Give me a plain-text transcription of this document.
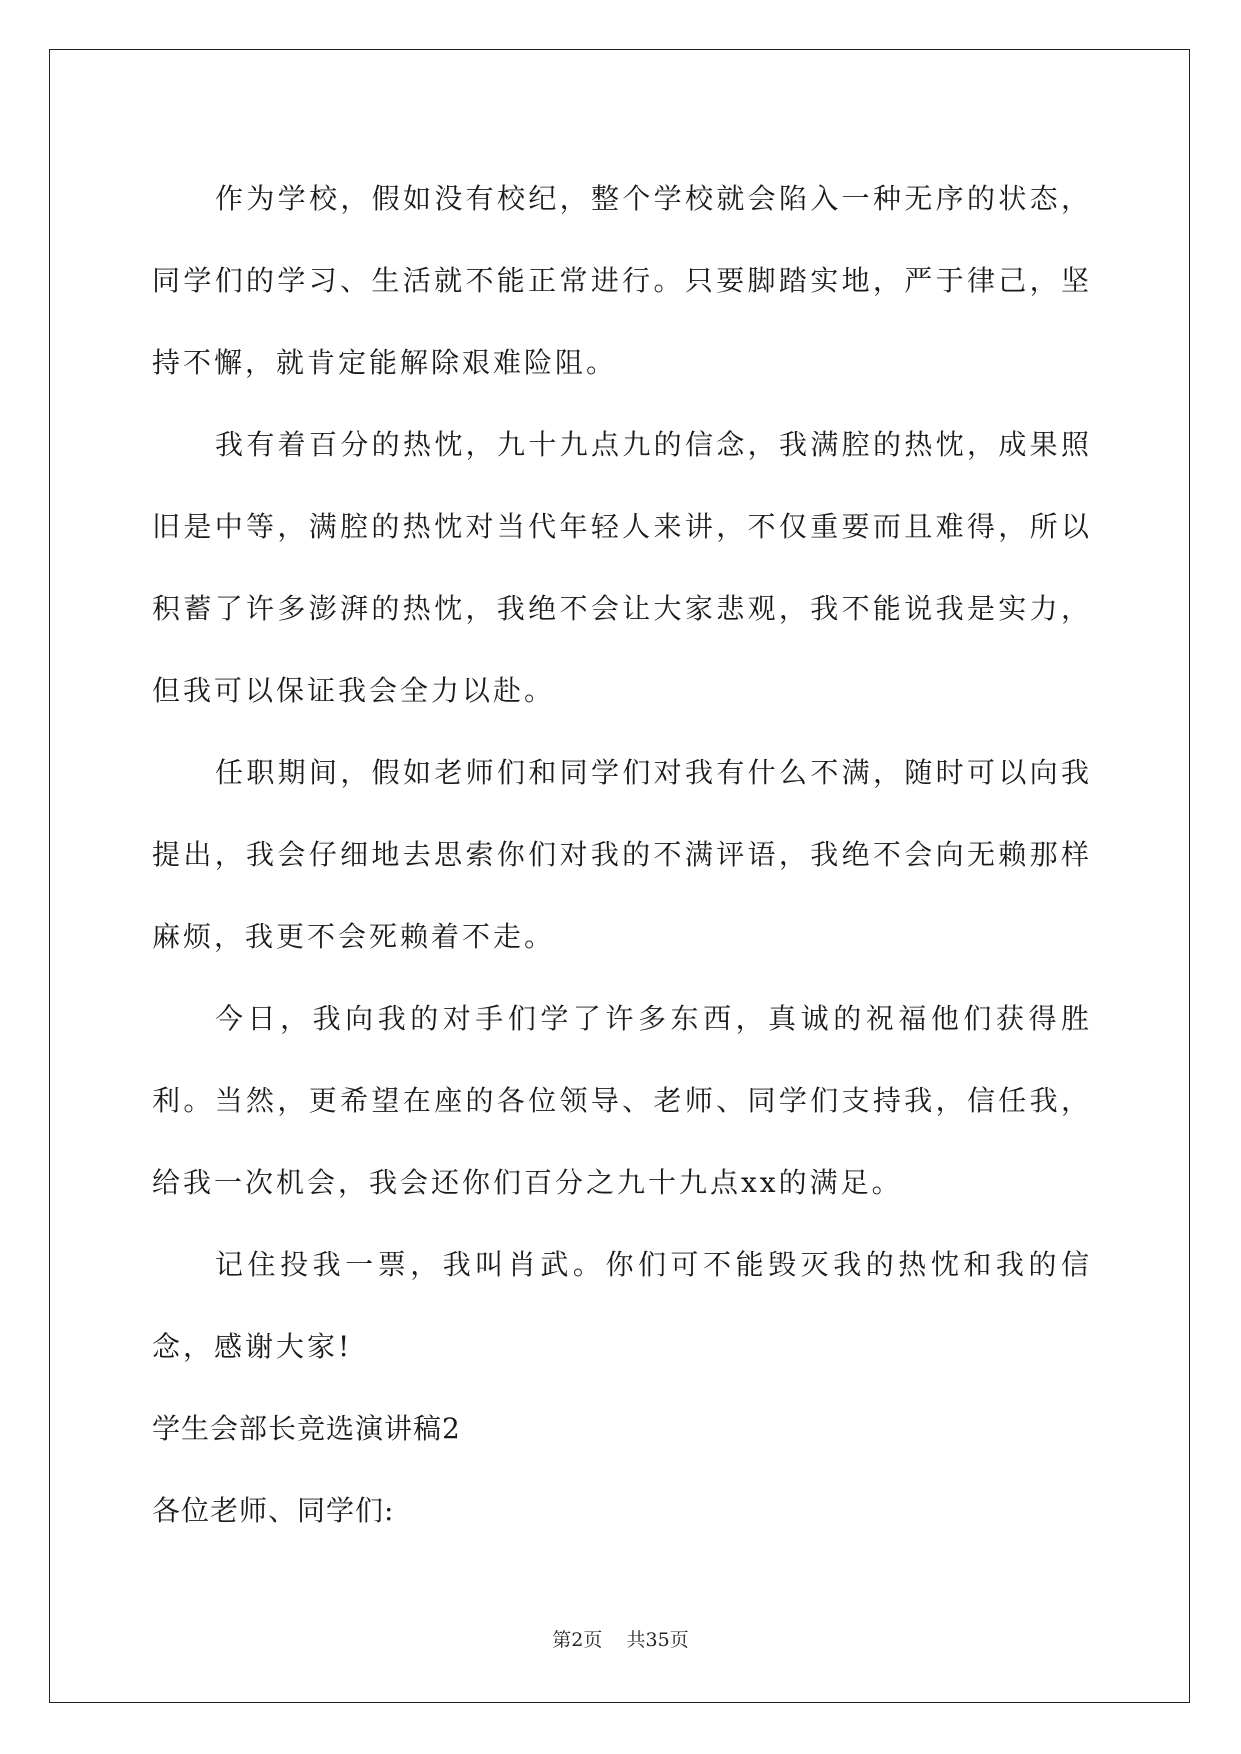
作为学校，假如没有校纪，整个学校就会陷入一种无序的状态，同学们的学习、生活就不能正常进行。只要脚踏实地，严于律己，坚持不懈，就肯定能解除艰难险阻。

我有着百分的热忱，九十九点九的信念，我满腔的热忱，成果照旧是中等，满腔的热忱对当代年轻人来讲，不仅重要而且难得，所以积蓄了许多澎湃的热忱，我绝不会让大家悲观，我不能说我是实力，但我可以保证我会全力以赴。

任职期间，假如老师们和同学们对我有什么不满，随时可以向我提出，我会仔细地去思索你们对我的不满评语，我绝不会向无赖那样麻烦，我更不会死赖着不走。

今日，我向我的对手们学了许多东西，真诚的祝福他们获得胜利。当然，更希望在座的各位领导、老师、同学们支持我，信任我，给我一次机会，我会还你们百分之九十九点xx的满足。

记住投我一票，我叫肖武。你们可不能毁灭我的热忱和我的信念，感谢大家!

学生会部长竞选演讲稿2

各位老师、同学们:

第2页 共35页
